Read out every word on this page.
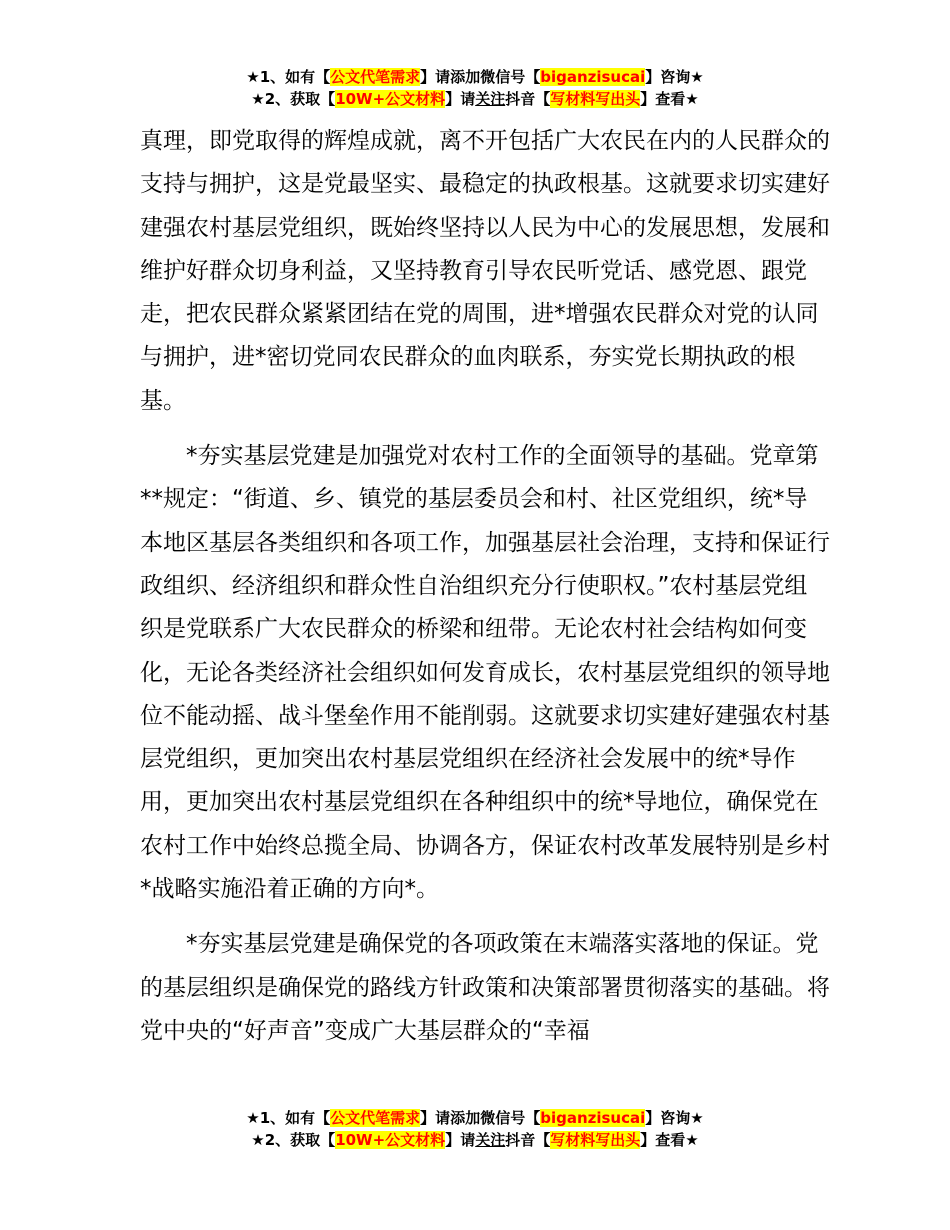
★1、如有【公文代笔需求】请添加微信号【biganzisucai】咨询★
★2、获取【10W+公文材料】请关注抖音【写材料写出头】查看★

真理，即党取得的辉煌成就，离不开包括广大农民在内的人民群众的支持与拥护，这是党最坚实、最稳定的执政根基。这就要求切实建好建强农村基层党组织，既始终坚持以人民为中心的发展思想，发展和维护好群众切身利益，又坚持教育引导农民听党话、感党恩、跟党走，把农民群众紧紧团结在党的周围，进*增强农民群众对党的认同与拥护，进*密切党同农民群众的血肉联系，夯实党长期执政的根基。

*夯实基层党建是加强党对农村工作的全面领导的基础。党章第**规定：“街道、乡、镇党的基层委员会和村、社区党组织，统*导本地区基层各类组织和各项工作，加强基层社会治理，支持和保证行政组织、经济组织和群众性自治组织充分行使职权。”农村基层党组织是党联系广大农民群众的桥梁和纽带。无论农村社会结构如何变化，无论各类经济社会组织如何发育成长，农村基层党组织的领导地位不能动摇、战斗堡垒作用不能削弱。这就要求切实建好建强农村基层党组织，更加突出农村基层党组织在经济社会发展中的统*导作用，更加突出农村基层党组织在各种组织中的统*导地位，确保党在农村工作中始终总揽全局、协调各方，保证农村改革发展特别是乡村*战略实施沿着正确的方向*。

*夯实基层党建是确保党的各项政策在末端落实落地的保证。党的基层组织是确保党的路线方针政策和决策部署贯彻落实的基础。将党中央的“好声音”变成广大基层群众的“幸福

★1、如有【公文代笔需求】请添加微信号【biganzisucai】咨询★
★2、获取【10W+公文材料】请关注抖音【写材料写出头】查看★
